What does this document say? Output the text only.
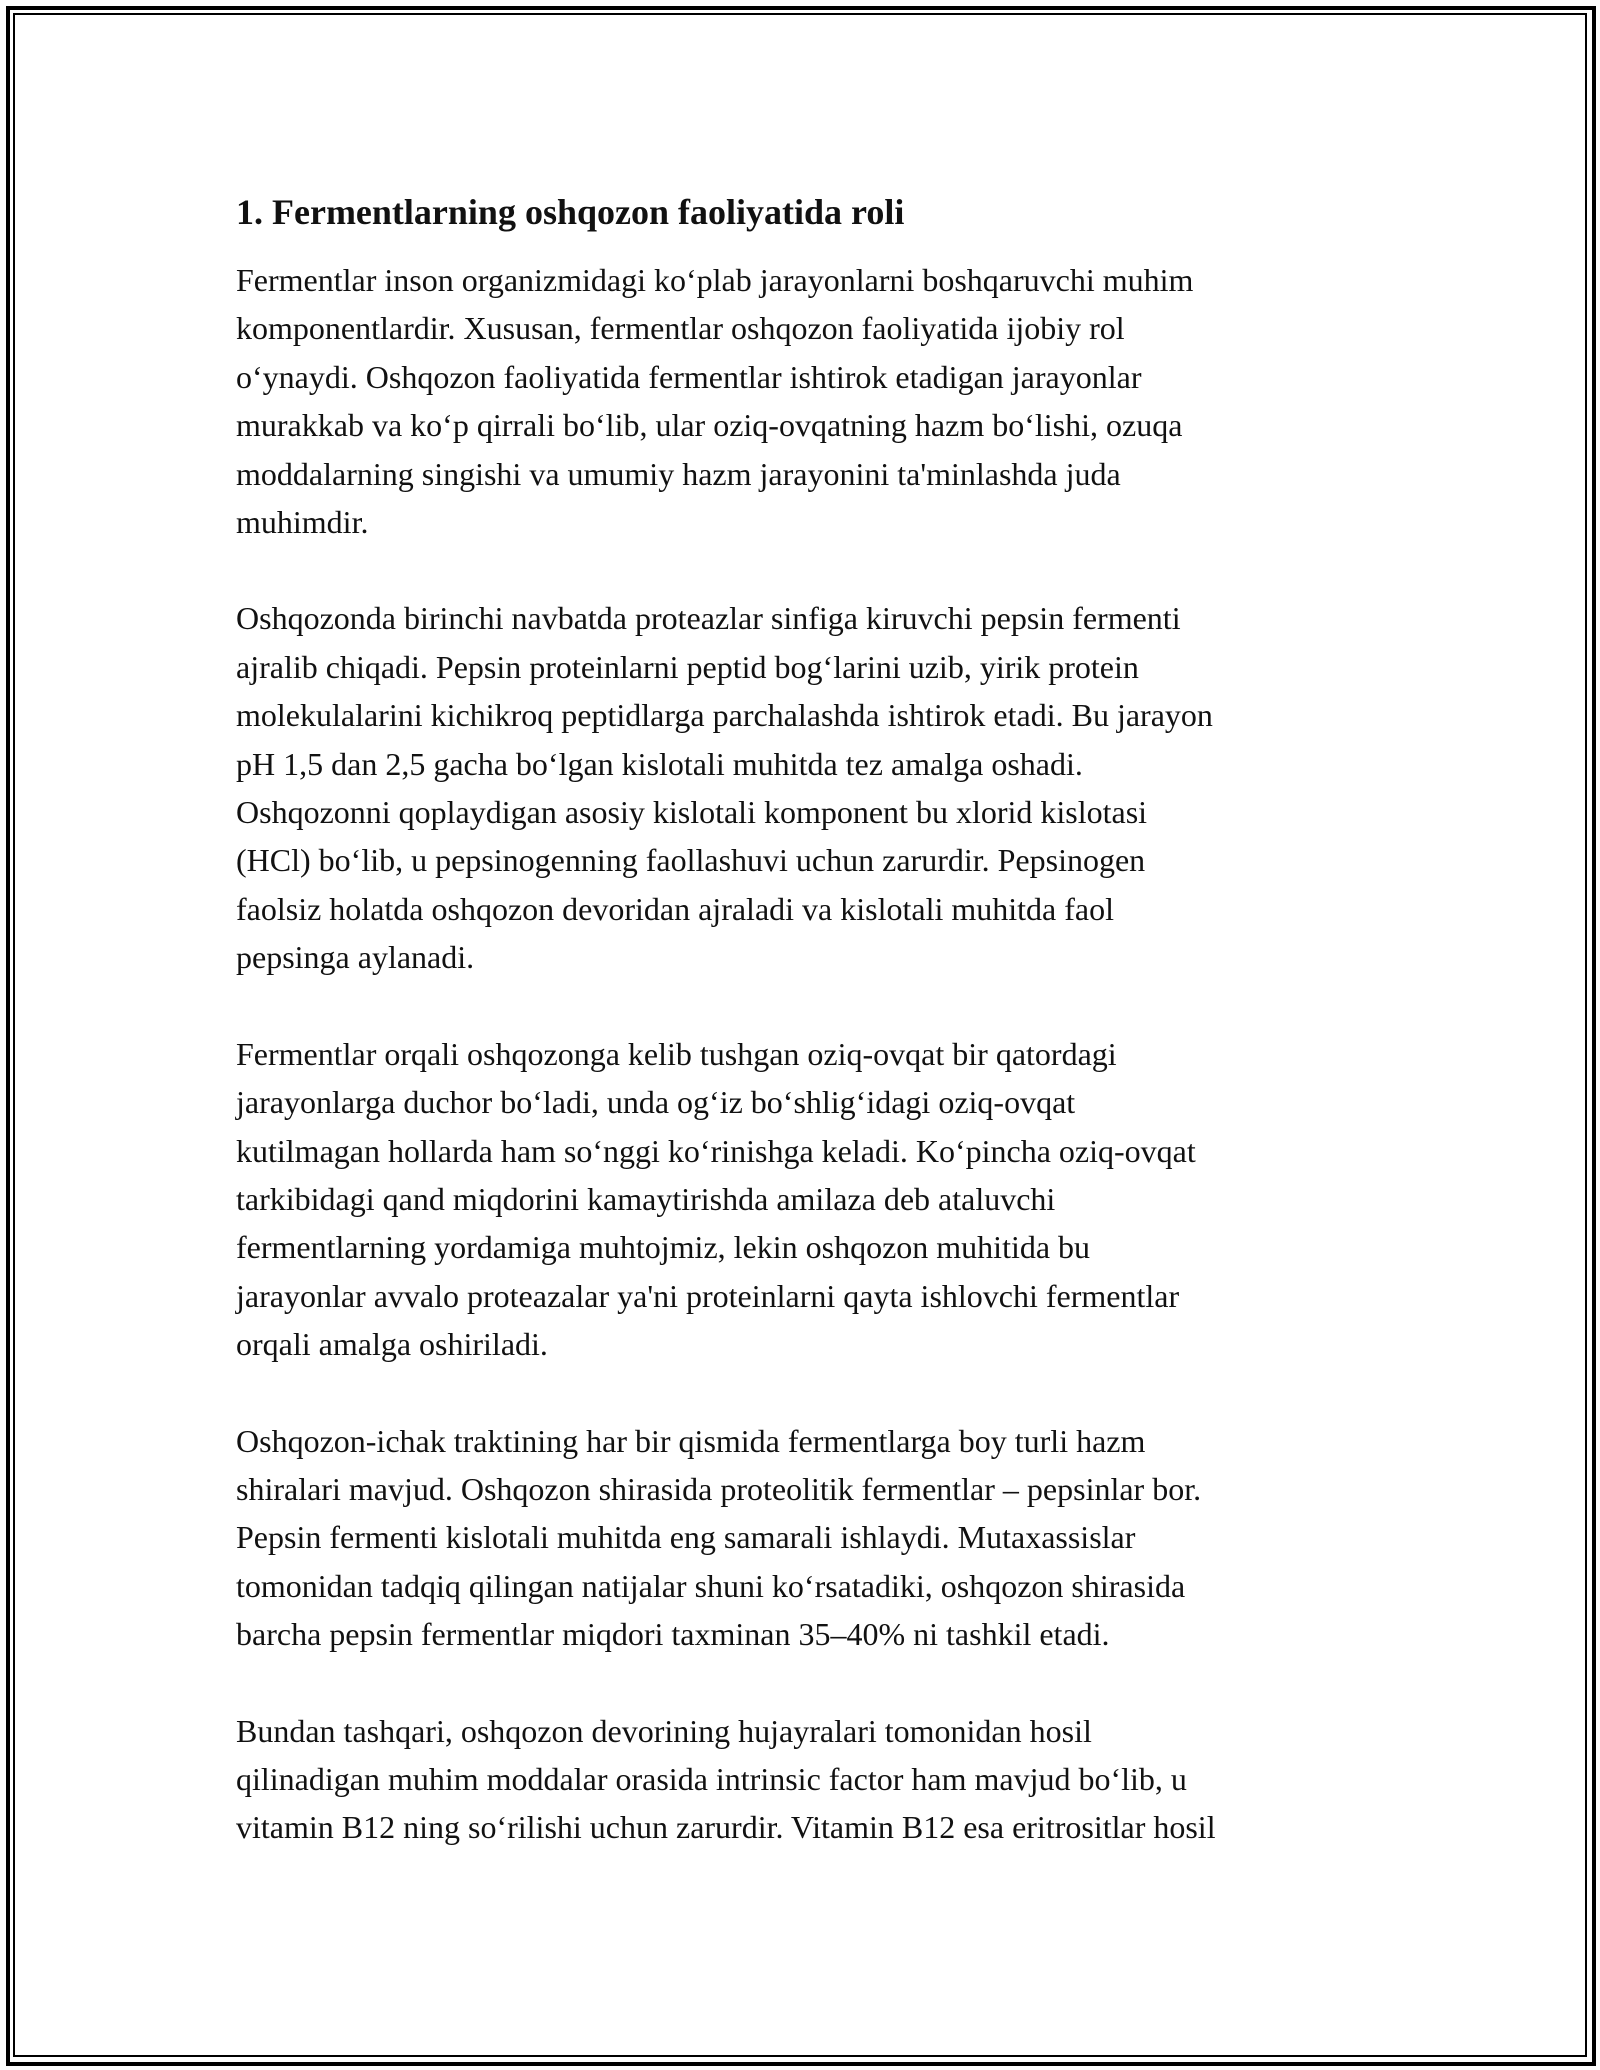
1. Fermentlarning oshqozon faoliyatida roli

Fermentlar inson organizmidagi ko‘plab jarayonlarni boshqaruvchi muhim
komponentlardir. Xususan, fermentlar oshqozon faoliyatida ijobiy rol
o‘ynaydi. Oshqozon faoliyatida fermentlar ishtirok etadigan jarayonlar
murakkab va ko‘p qirrali bo‘lib, ular oziq-ovqatning hazm bo‘lishi, ozuqa
moddalarning singishi va umumiy hazm jarayonini ta'minlashda juda
muhimdir.

Oshqozonda birinchi navbatda proteazlar sinfiga kiruvchi pepsin fermenti
ajralib chiqadi. Pepsin proteinlarni peptid bog‘larini uzib, yirik protein
molekulalarini kichikroq peptidlarga parchalashda ishtirok etadi. Bu jarayon
pH 1,5 dan 2,5 gacha bo‘lgan kislotali muhitda tez amalga oshadi.
Oshqozonni qoplaydigan asosiy kislotali komponent bu xlorid kislotasi
(HCl) bo‘lib, u pepsinogenning faollashuvi uchun zarurdir. Pepsinogen
faolsiz holatda oshqozon devoridan ajraladi va kislotali muhitda faol
pepsinga aylanadi.

Fermentlar orqali oshqozonga kelib tushgan oziq-ovqat bir qatordagi
jarayonlarga duchor bo‘ladi, unda og‘iz bo‘shlig‘idagi oziq-ovqat
kutilmagan hollarda ham so‘nggi ko‘rinishga keladi. Ko‘pincha oziq-ovqat
tarkibidagi qand miqdorini kamaytirishda amilaza deb ataluvchi
fermentlarning yordamiga muhtojmiz, lekin oshqozon muhitida bu
jarayonlar avvalo proteazalar ya'ni proteinlarni qayta ishlovchi fermentlar
orqali amalga oshiriladi.

Oshqozon-ichak traktining har bir qismida fermentlarga boy turli hazm
shiralari mavjud. Oshqozon shirasida proteolitik fermentlar – pepsinlar bor.
Pepsin fermenti kislotali muhitda eng samarali ishlaydi. Mutaxassislar
tomonidan tadqiq qilingan natijalar shuni ko‘rsatadiki, oshqozon shirasida
barcha pepsin fermentlar miqdori taxminan 35–40% ni tashkil etadi.

Bundan tashqari, oshqozon devorining hujayralari tomonidan hosil
qilinadigan muhim moddalar orasida intrinsic factor ham mavjud bo‘lib, u
vitamin B12 ning so‘rilishi uchun zarurdir. Vitamin B12 esa eritrositlar hosil
